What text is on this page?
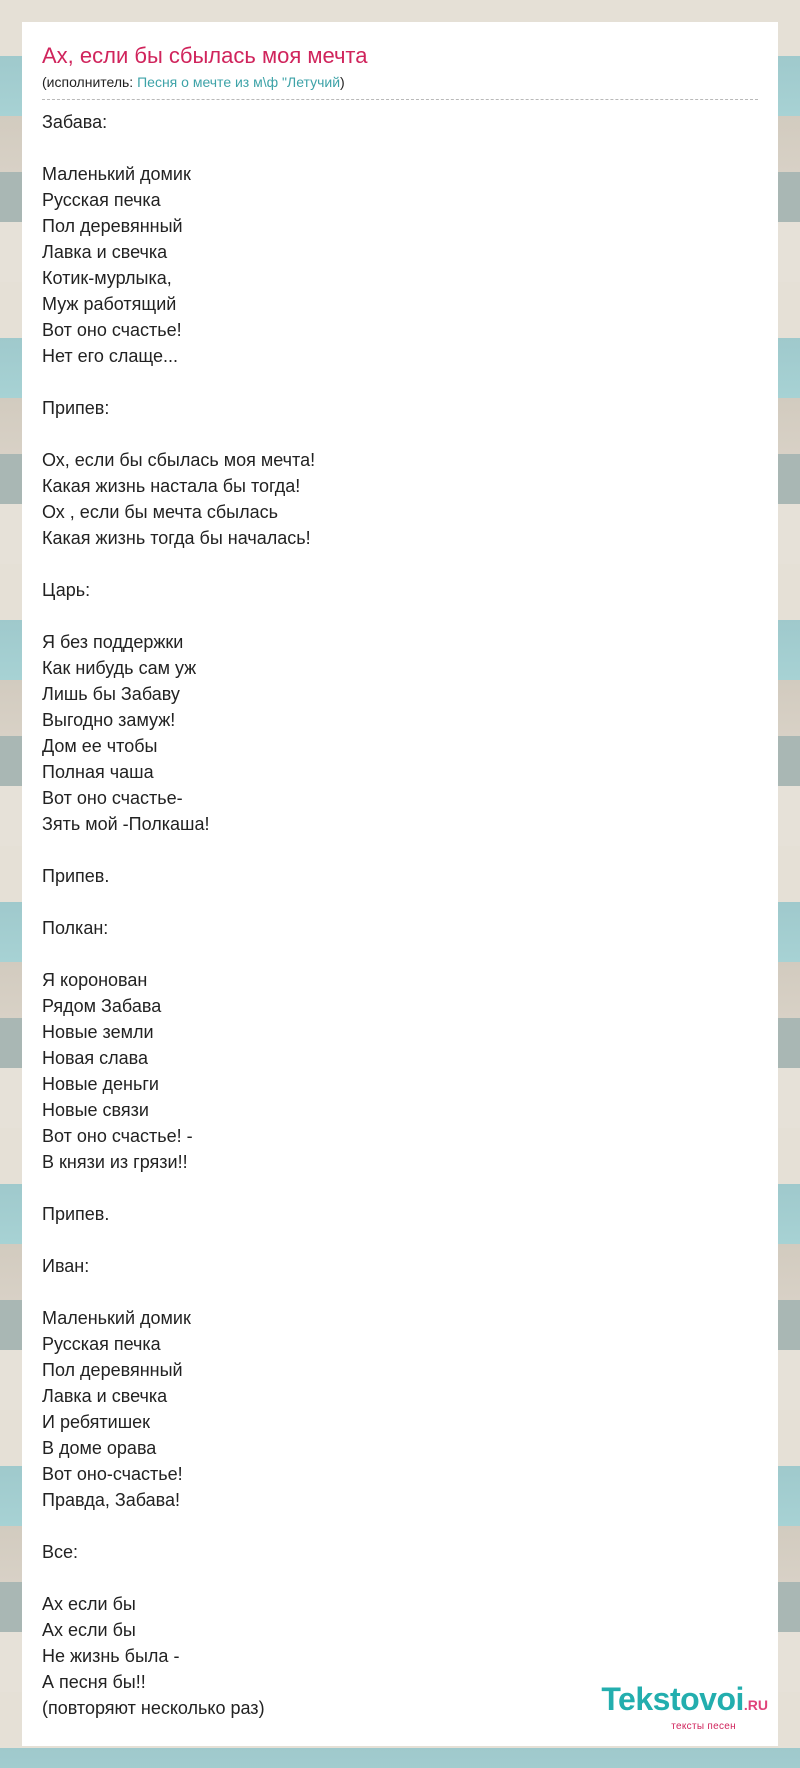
Ах, если бы сбылась моя мечта
(исполнитель: Песня о мечте из м\ф "Летучий)
Забава:

Маленький домик
Русская печка
Пол деревянный
Лавка и свечка
Котик-мурлыка,
Муж работящий
Вот оно счастье!
Нет его слаще...

Припев:

Ох, если бы сбылась моя мечта!
Какая жизнь настала бы тогда!
Ох , если бы мечта сбылась
Какая жизнь тогда бы началась!

Царь:

Я без поддержки
Как нибудь сам уж
Лишь бы Забаву
Выгодно замуж!
Дом ее чтобы
Полная чаша
Вот оно счастье-
Зять мой -Полкаша!

Припев.

Полкан:

Я коронован
Рядом Забава
Новые земли
Новая слава
Новые деньги
Новые связи
Вот оно счастье! -
В князи из грязи!!

Припев.

Иван:

Маленький домик
Русская печка
Пол деревянный
Лавка и свечка
И ребятишек
В доме орава
Вот оно-счастье!
Правда, Забава!

Все:

Ах если бы
Ах если бы
Не жизнь была -
А песня бы!!
(повторяют несколько раз)	Tekstovoi.RU
тексты песен
